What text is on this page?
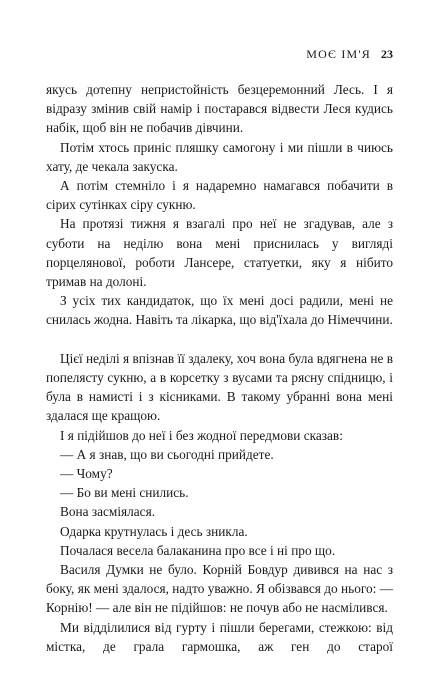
МОЄ ІМ'Я 23

якусь дотепну непристойність безцеремонний Лесь. І я відразу змінив свій намір і постарався відвести Леся кудись набік, щоб він не побачив дівчини.

Потім хтось приніс пляшку самогону і ми пішли в чиюсь хату, де чекала закуска.

А потім стемніло і я надаремно намагався побачити в сірих сутінках сіру сукню.

На протязі тижня я взагалі про неї не згадував, але з суботи на неділю вона мені приснилась у вигляді порцелянової, роботи Лансере, статуетки, яку я нібито тримав на долоні.

З усіх тих кандидаток, що їх мені досі радили, мені не снилась жодна. Навіть та лікарка, що від'їхала до Німеччини.

Цієї неділі я впізнав її здалеку, хоч вона була вдягнена не в попелясту сукню, а в корсетку з вусами та рясну спідницю, і була в намисті і з кісниками. В такому убранні вона мені здалася ще кращою.

І я підійшов до неї і без жодної передмови сказав:

— А я знав, що ви сьогодні прийдете.

— Чому?

— Бо ви мені снились.

Вона засміялася.

Одарка крутнулась і десь зникла.

Почалася весела балаканина про все і ні про що.

Василя Думки не було. Корній Бовдур дивився на нас з боку, як мені здалося, надто уважно. Я обізвався до нього: — Корнію! — але він не підійшов: не почув або не насмілився.

Ми відділилися від гурту і пішли берегами, стежкою: від містка, де грала гармошка, аж ген до старої
